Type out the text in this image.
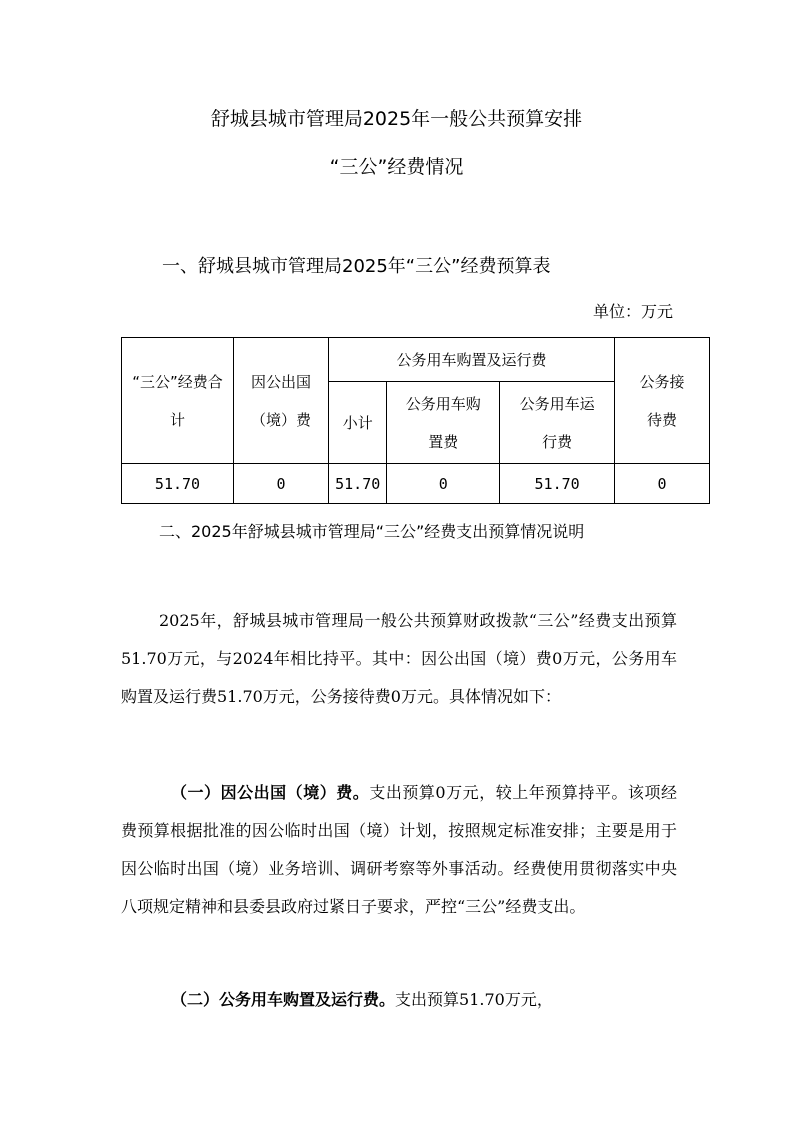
舒城县城市管理局2025年一般公共预算安排
“三公”经费情况
一、舒城县城市管理局2025年“三公”经费预算表
单位：万元
“三公”经费合计	因公出国（境）费	公务用车购置及运行费			公务接待费

		小计	公务用车购置费	公务用车运行费	

51.70	0	51.70	0	51.70	0
二、2025年舒城县城市管理局“三公”经费支出预算情况说明
2025年，舒城县城市管理局一般公共预算财政拨款“三公”经费支出预算51.70万元，与2024年相比持平。其中：因公出国（境）费0万元，公务用车购置及运行费51.70万元，公务接待费0万元。具体情况如下：
（一）因公出国（境）费。支出预算0万元，较上年预算持平。该项经费预算根据批准的因公临时出国（境）计划，按照规定标准安排；主要是用于因公临时出国（境）业务培训、调研考察等外事活动。经费使用贯彻落实中央八项规定精神和县委县政府过紧日子要求，严控“三公”经费支出。
（二）公务用车购置及运行费。支出预算51.70万元，
